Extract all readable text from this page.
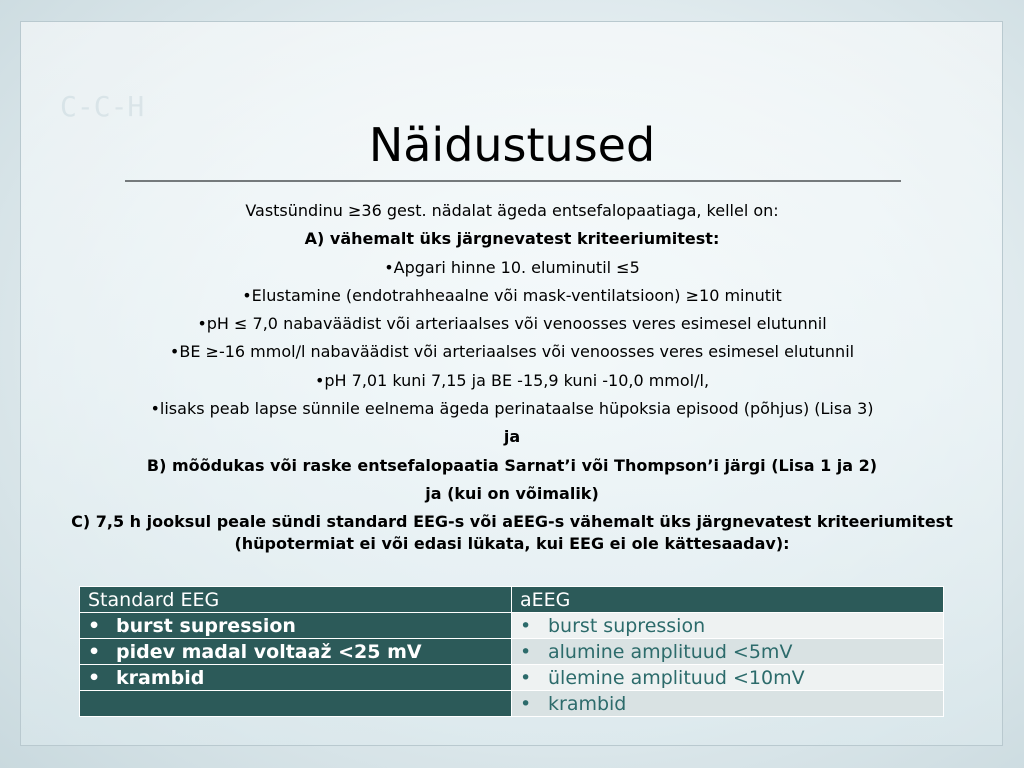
C-C-H
Näidustused
Vastsündinu ≥36 gest. nädalat ägeda entsefalopaatiaga, kellel on:
A) vähemalt üks järgnevatest kriteeriumitest:
•Apgari hinne 10. eluminutil ≤5
•Elustamine (endotrahheaalne või mask-ventilatsioon) ≥10 minutit
•pH ≤ 7,0 nabaväädist või arteriaalses või venoosses veres esimesel elutunnil
•BE ≥-16 mmol/l nabaväädist või arteriaalses või venoosses veres esimesel elutunnil
•pH 7,01 kuni 7,15 ja BE -15,9 kuni -10,0 mmol/l,
•lisaks peab lapse sünnile eelnema ägeda perinataalse hüpoksia episood (põhjus) (Lisa 3)
ja
B) mõõdukas või raske entsefalopaatia Sarnat’i või Thompson’i järgi (Lisa 1 ja 2)
ja (kui on võimalik)
C) 7,5 h jooksul peale sündi standard EEG-s või aEEG-s vähemalt üks järgnevatest kriteeriumitest (hüpotermiat ei või edasi lükata, kui EEG ei ole kättesaadav):
Standard EEG	aEEG
• burst supression	• burst supression
• pidev madal voltaaž <25 mV	• alumine amplituud <5mV
• krambid	• ülemine amplituud <10mV
	• krambid
